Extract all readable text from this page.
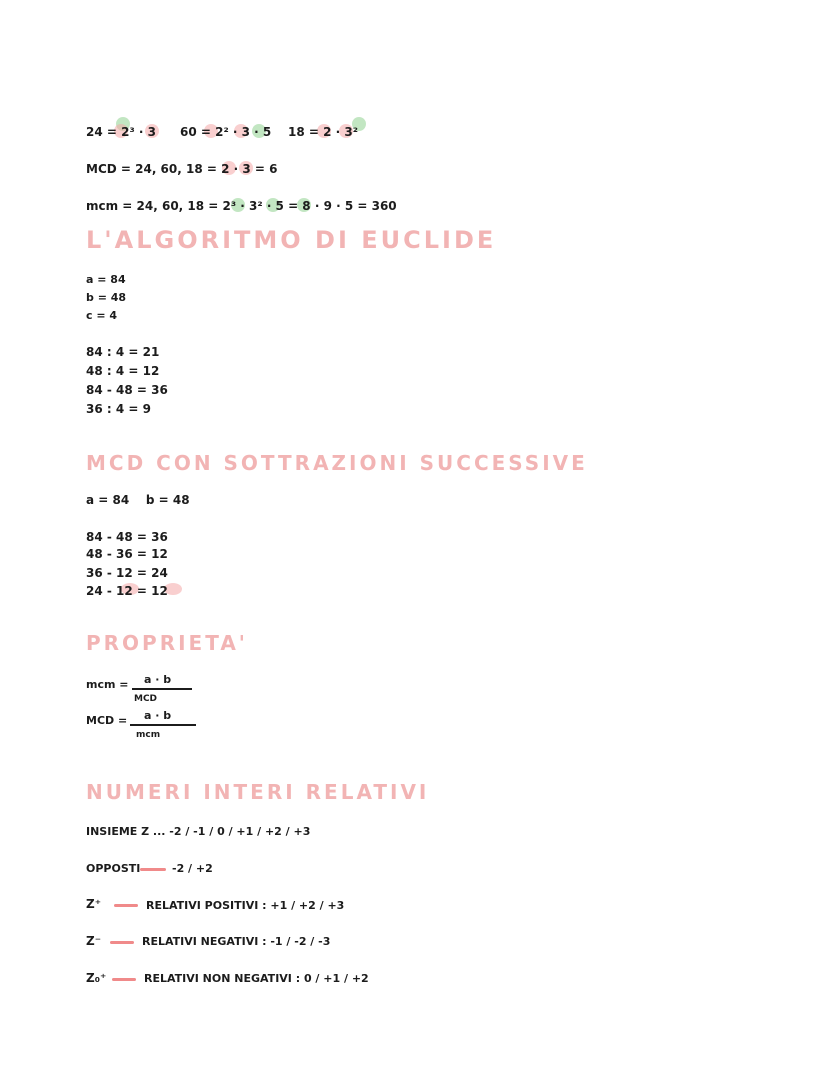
24 = 2³ · 3 60 = 2² · 3 · 5 18 = 2 · 3²
MCD = 24, 60, 18 = 2 · 3 = 6
mcm = 24, 60, 18 = 2³ · 3² · 5 = 8 · 9 · 5 = 360
L'ALGORITMO DI EUCLIDE
a = 84
b = 48
c = 4
84 : 4 = 21
48 : 4 = 12
84 - 48 = 36
36 : 4 = 9
MCD CON SOTTRAZIONI SUCCESSIVE
a = 84    b = 48
84 - 48 = 36
48 - 36 = 12
36 - 12 = 24
24 - 12 = 12
PROPRIETA'
mcm = a · b
MCD
MCD = a · b
mcm
NUMERI INTERI RELATIVI
INSIEME Z ... -2 / -1 / 0 / +1 / +2 / +3
OPPOSTI	-2 / +2
Z⁺	RELATIVI POSITIVI : +1 / +2 / +3
Z⁻	RELATIVI NEGATIVI : -1 / -2 / -3
Z₀⁺	RELATIVI NON NEGATIVI : 0 / +1 / +2
